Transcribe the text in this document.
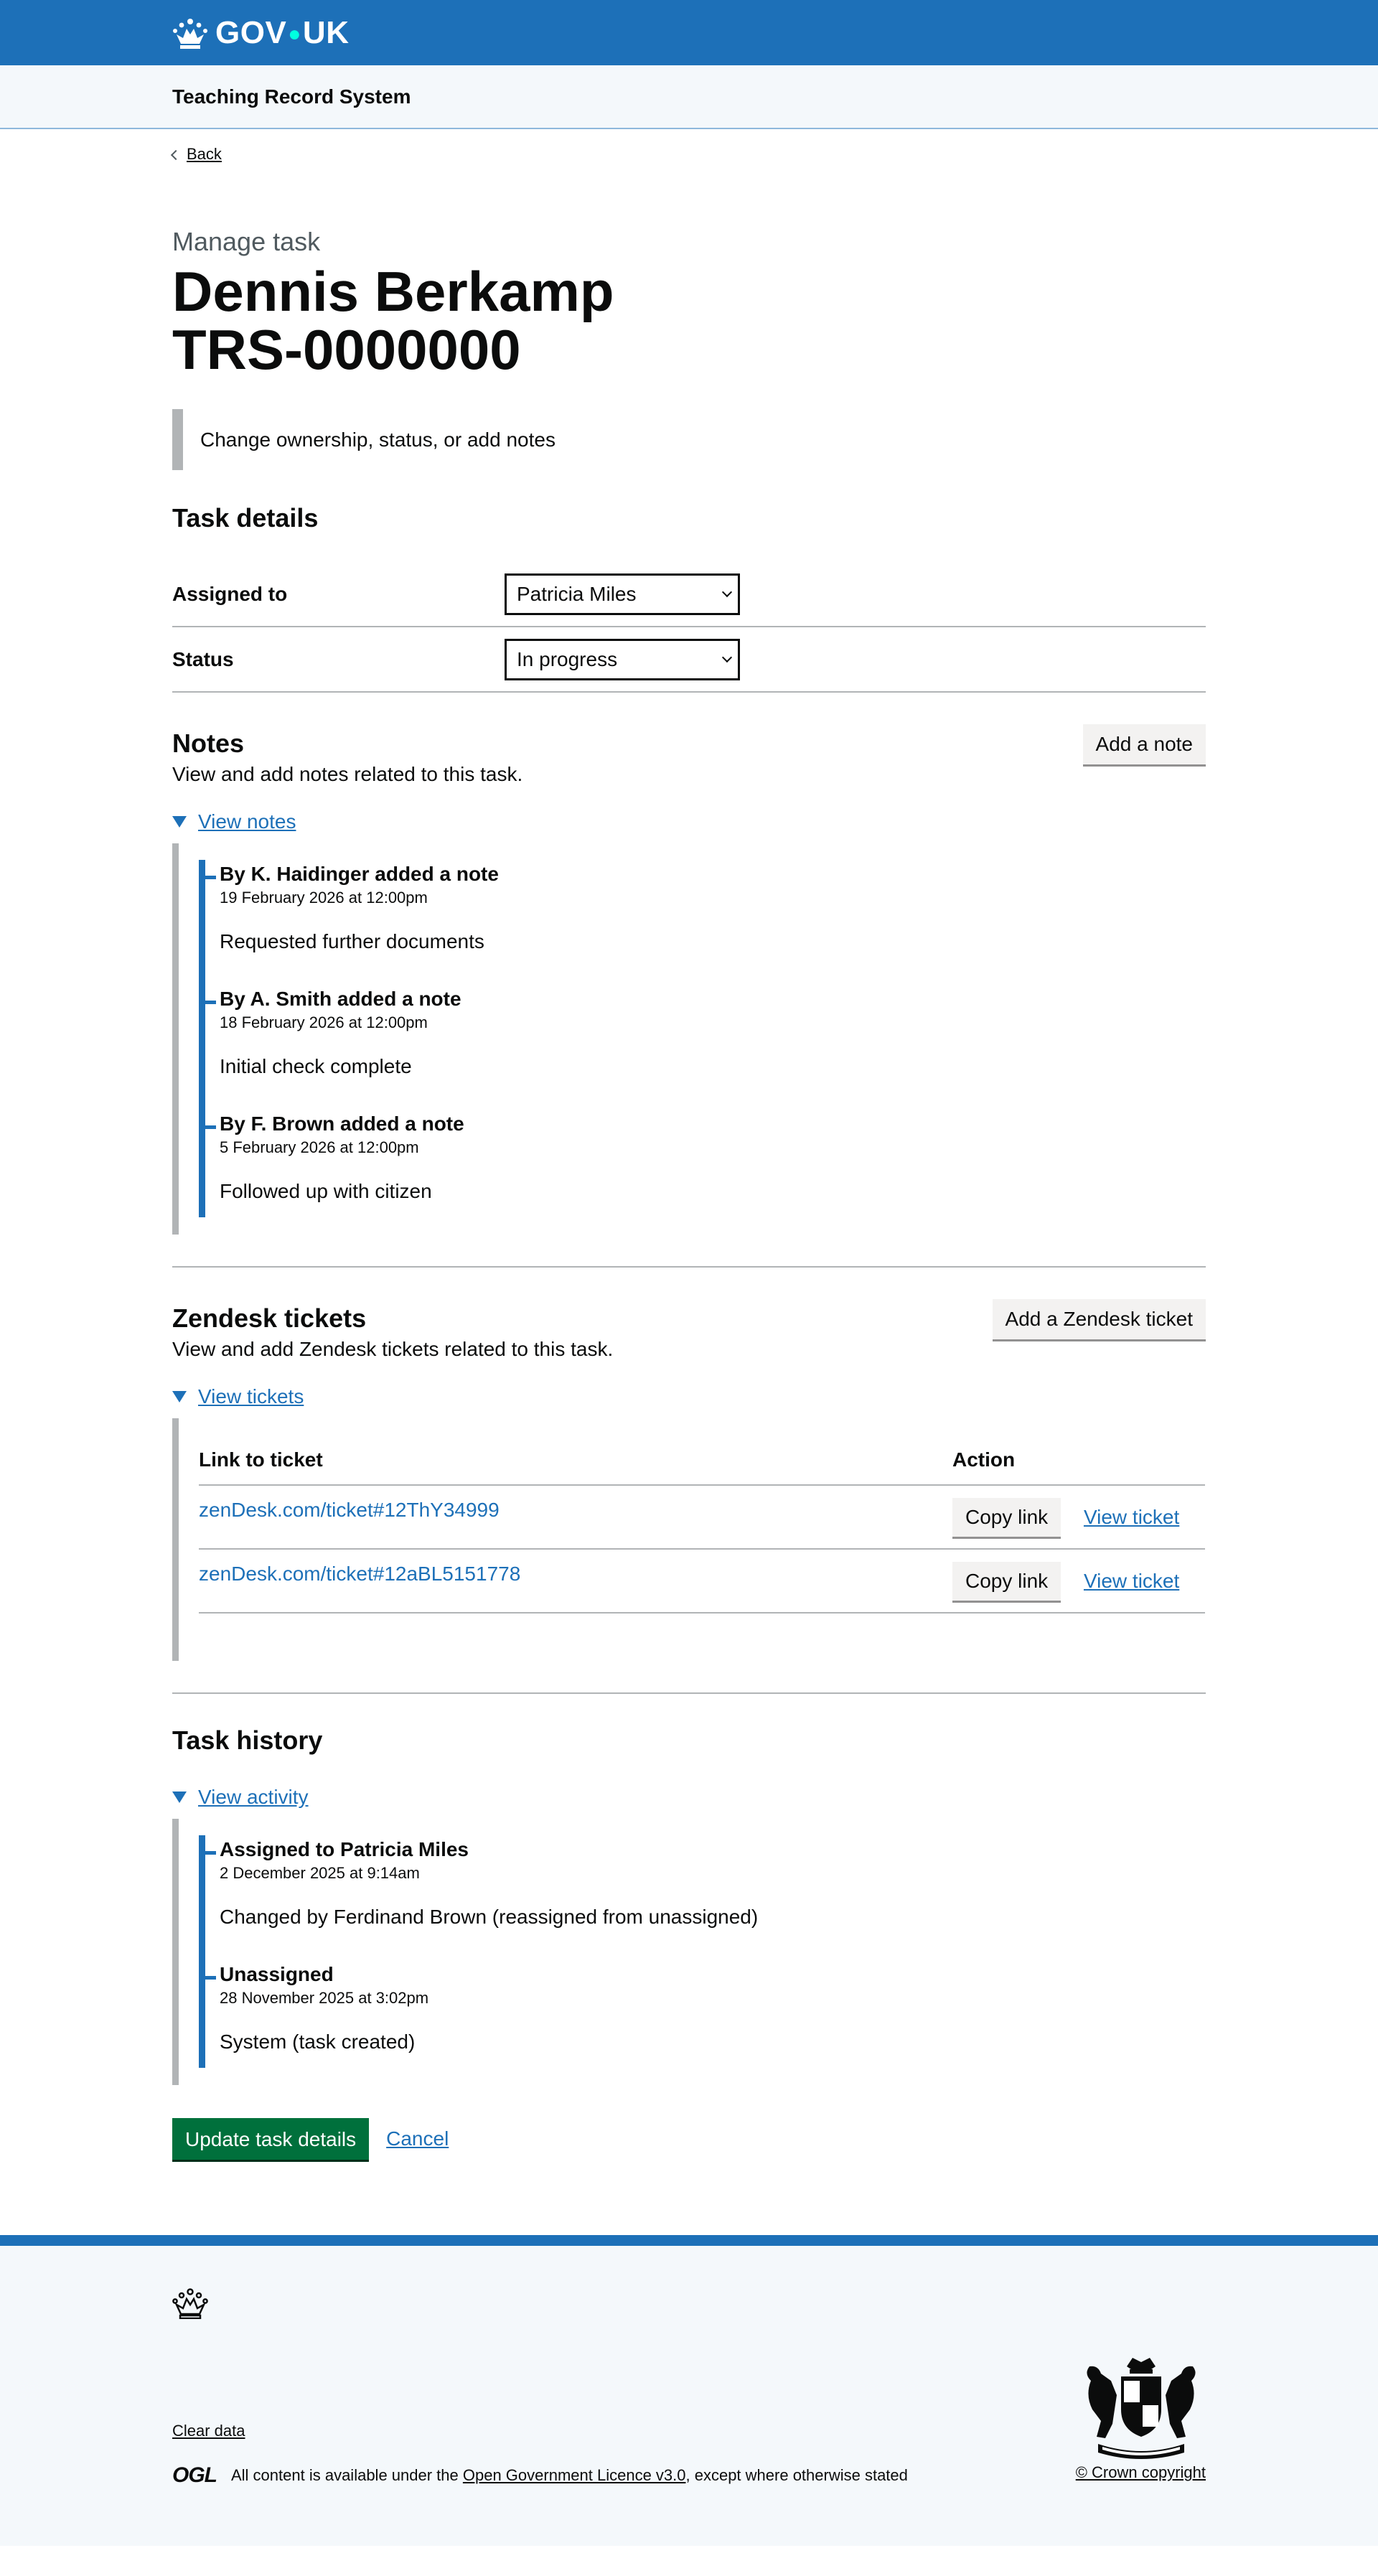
GOV●UK
Teaching Record System
Back
Manage task
Dennis Berkamp
TRS-0000000
Change ownership, status, or add notes
Task details
Assigned to	Patricia Miles
Status	In progress
Notes	Add a note

View and add notes related to this task.

View notes
By K. Haidinger added a note
19 February 2026 at 12:00pm
Requested further documents
By A. Smith added a note
18 February 2026 at 12:00pm
Initial check complete
By F. Brown added a note
5 February 2026 at 12:00pm
Followed up with citizen
Zendesk tickets	Add a Zendesk ticket

View and add Zendesk tickets related to this task.

View tickets
Link to ticket	Action
zenDesk.com/ticket#12ThY34999	Copy link View ticket
zenDesk.com/ticket#12aBL5151778	Copy link View ticket
Task history
View activity
Assigned to Patricia Miles
2 December 2025 at 9:14am
Changed by Ferdinand Brown (reassigned from unassigned)
Unassigned
28 November 2025 at 3:02pm
System (task created)
Update task details	Cancel
Clear data
OGL All content is available under the Open Government Licence v3.0, except where otherwise stated	© Crown copyright
